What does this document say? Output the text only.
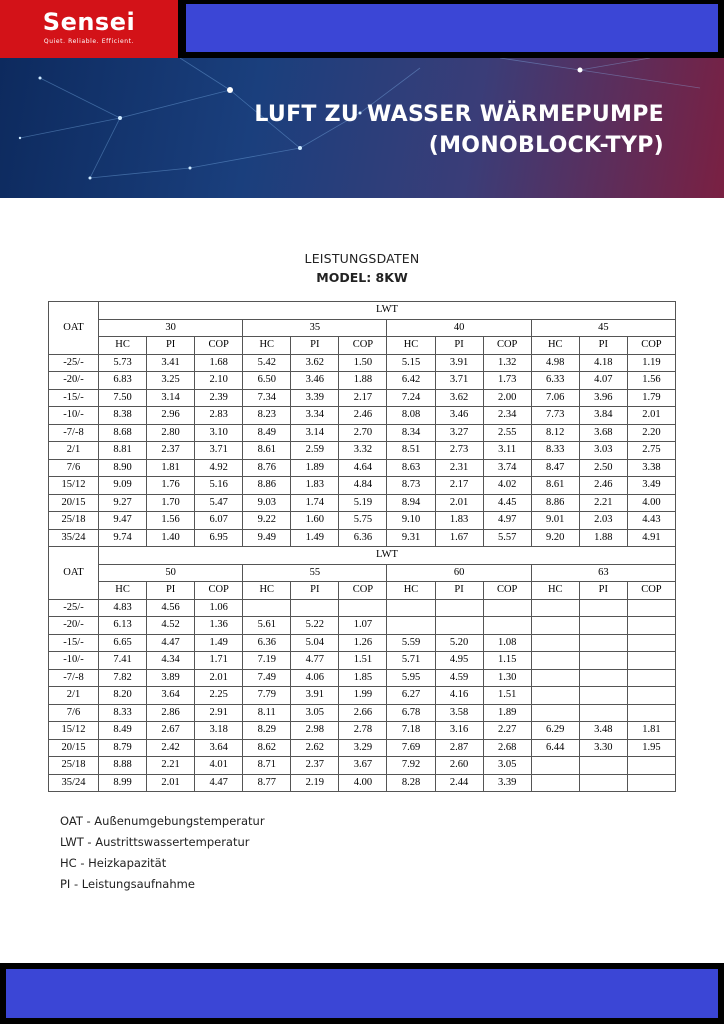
Sensei
Quiet. Reliable. Efficient.
LUFT ZU WASSER WÄRMEPUMPE
(MONOBLOCK-TYP)
LEISTUNGSDATEN
MODEL: 8KW
OAT	LWT											
	30			35			40			45		
	HC	PI	COP	HC	PI	COP	HC	PI	COP	HC	PI	COP
-25/-	5.73	3.41	1.68	5.42	3.62	1.50	5.15	3.91	1.32	4.98	4.18	1.19
-20/-	6.83	3.25	2.10	6.50	3.46	1.88	6.42	3.71	1.73	6.33	4.07	1.56
-15/-	7.50	3.14	2.39	7.34	3.39	2.17	7.24	3.62	2.00	7.06	3.96	1.79
-10/-	8.38	2.96	2.83	8.23	3.34	2.46	8.08	3.46	2.34	7.73	3.84	2.01
-7/-8	8.68	2.80	3.10	8.49	3.14	2.70	8.34	3.27	2.55	8.12	3.68	2.20
2/1	8.81	2.37	3.71	8.61	2.59	3.32	8.51	2.73	3.11	8.33	3.03	2.75
7/6	8.90	1.81	4.92	8.76	1.89	4.64	8.63	2.31	3.74	8.47	2.50	3.38
15/12	9.09	1.76	5.16	8.86	1.83	4.84	8.73	2.17	4.02	8.61	2.46	3.49
20/15	9.27	1.70	5.47	9.03	1.74	5.19	8.94	2.01	4.45	8.86	2.21	4.00
25/18	9.47	1.56	6.07	9.22	1.60	5.75	9.10	1.83	4.97	9.01	2.03	4.43
35/24	9.74	1.40	6.95	9.49	1.49	6.36	9.31	1.67	5.57	9.20	1.88	4.91
OAT	LWT											
	50			55			60			63		
	HC	PI	COP	HC	PI	COP	HC	PI	COP	HC	PI	COP
-25/-	4.83	4.56	1.06									
-20/-	6.13	4.52	1.36	5.61	5.22	1.07						
-15/-	6.65	4.47	1.49	6.36	5.04	1.26	5.59	5.20	1.08			
-10/-	7.41	4.34	1.71	7.19	4.77	1.51	5.71	4.95	1.15			
-7/-8	7.82	3.89	2.01	7.49	4.06	1.85	5.95	4.59	1.30			
2/1	8.20	3.64	2.25	7.79	3.91	1.99	6.27	4.16	1.51			
7/6	8.33	2.86	2.91	8.11	3.05	2.66	6.78	3.58	1.89			
15/12	8.49	2.67	3.18	8.29	2.98	2.78	7.18	3.16	2.27	6.29	3.48	1.81
20/15	8.79	2.42	3.64	8.62	2.62	3.29	7.69	2.87	2.68	6.44	3.30	1.95
25/18	8.88	2.21	4.01	8.71	2.37	3.67	7.92	2.60	3.05			
35/24	8.99	2.01	4.47	8.77	2.19	4.00	8.28	2.44	3.39			
OAT - Außenumgebungstemperatur
LWT - Austrittswassertemperatur
HC - Heizkapazität
PI - Leistungsaufnahme
